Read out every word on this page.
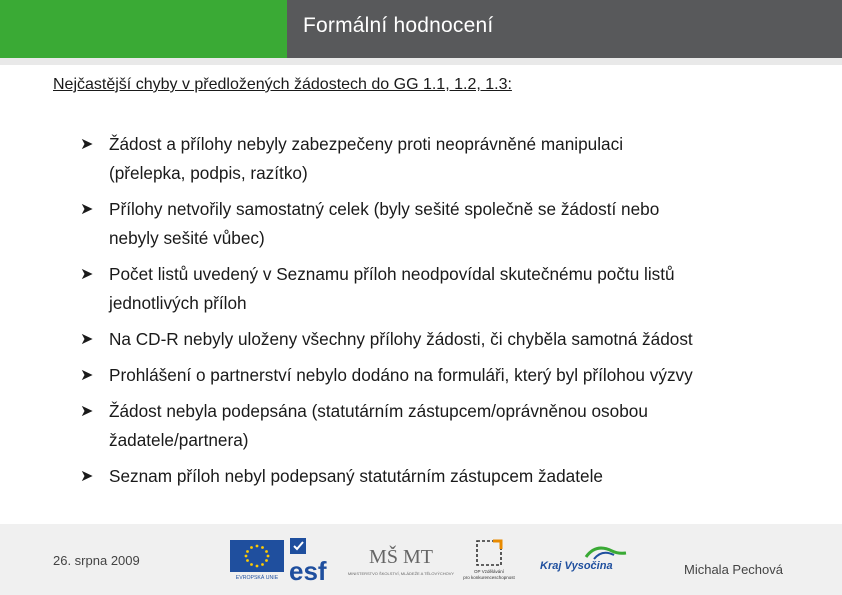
Formální hodnocení
Nejčastější chyby v předložených žádostech do GG 1.1, 1.2, 1.3:
➤ Žádost a přílohy nebyly zabezpečeny proti neoprávněné manipulaci
(přelepka, podpis, razítko)
➤ Přílohy netvořily samostatný celek (byly sešité společně se žádostí nebo
nebyly sešité vůbec)
➤ Počet listů uvedený v Seznamu příloh neodpovídal skutečnému počtu listů
jednotlivých příloh
➤ Na CD-R nebyly uloženy všechny přílohy žádosti, či chyběla samotná žádost
➤ Prohlášení o partnerství nebylo dodáno na formuláři, který byl přílohou výzvy
➤ Žádost nebyla podepsána (statutárním zástupcem/oprávněnou osobou
žadatele/partnera)
➤ Seznam příloh nebyl podepsaný statutárním zástupcem žadatele
26. srpna 2009
Michala Pechová
EVROPSKÁ UNIE esf MŠ MT
MINISTERSTVO ŠKOLSTVÍ, MLÁDEŽE A TĚLOVÝCHOVY	OP Vzdělávání
pro konkurenceschopnost
Kraj Vysočina
